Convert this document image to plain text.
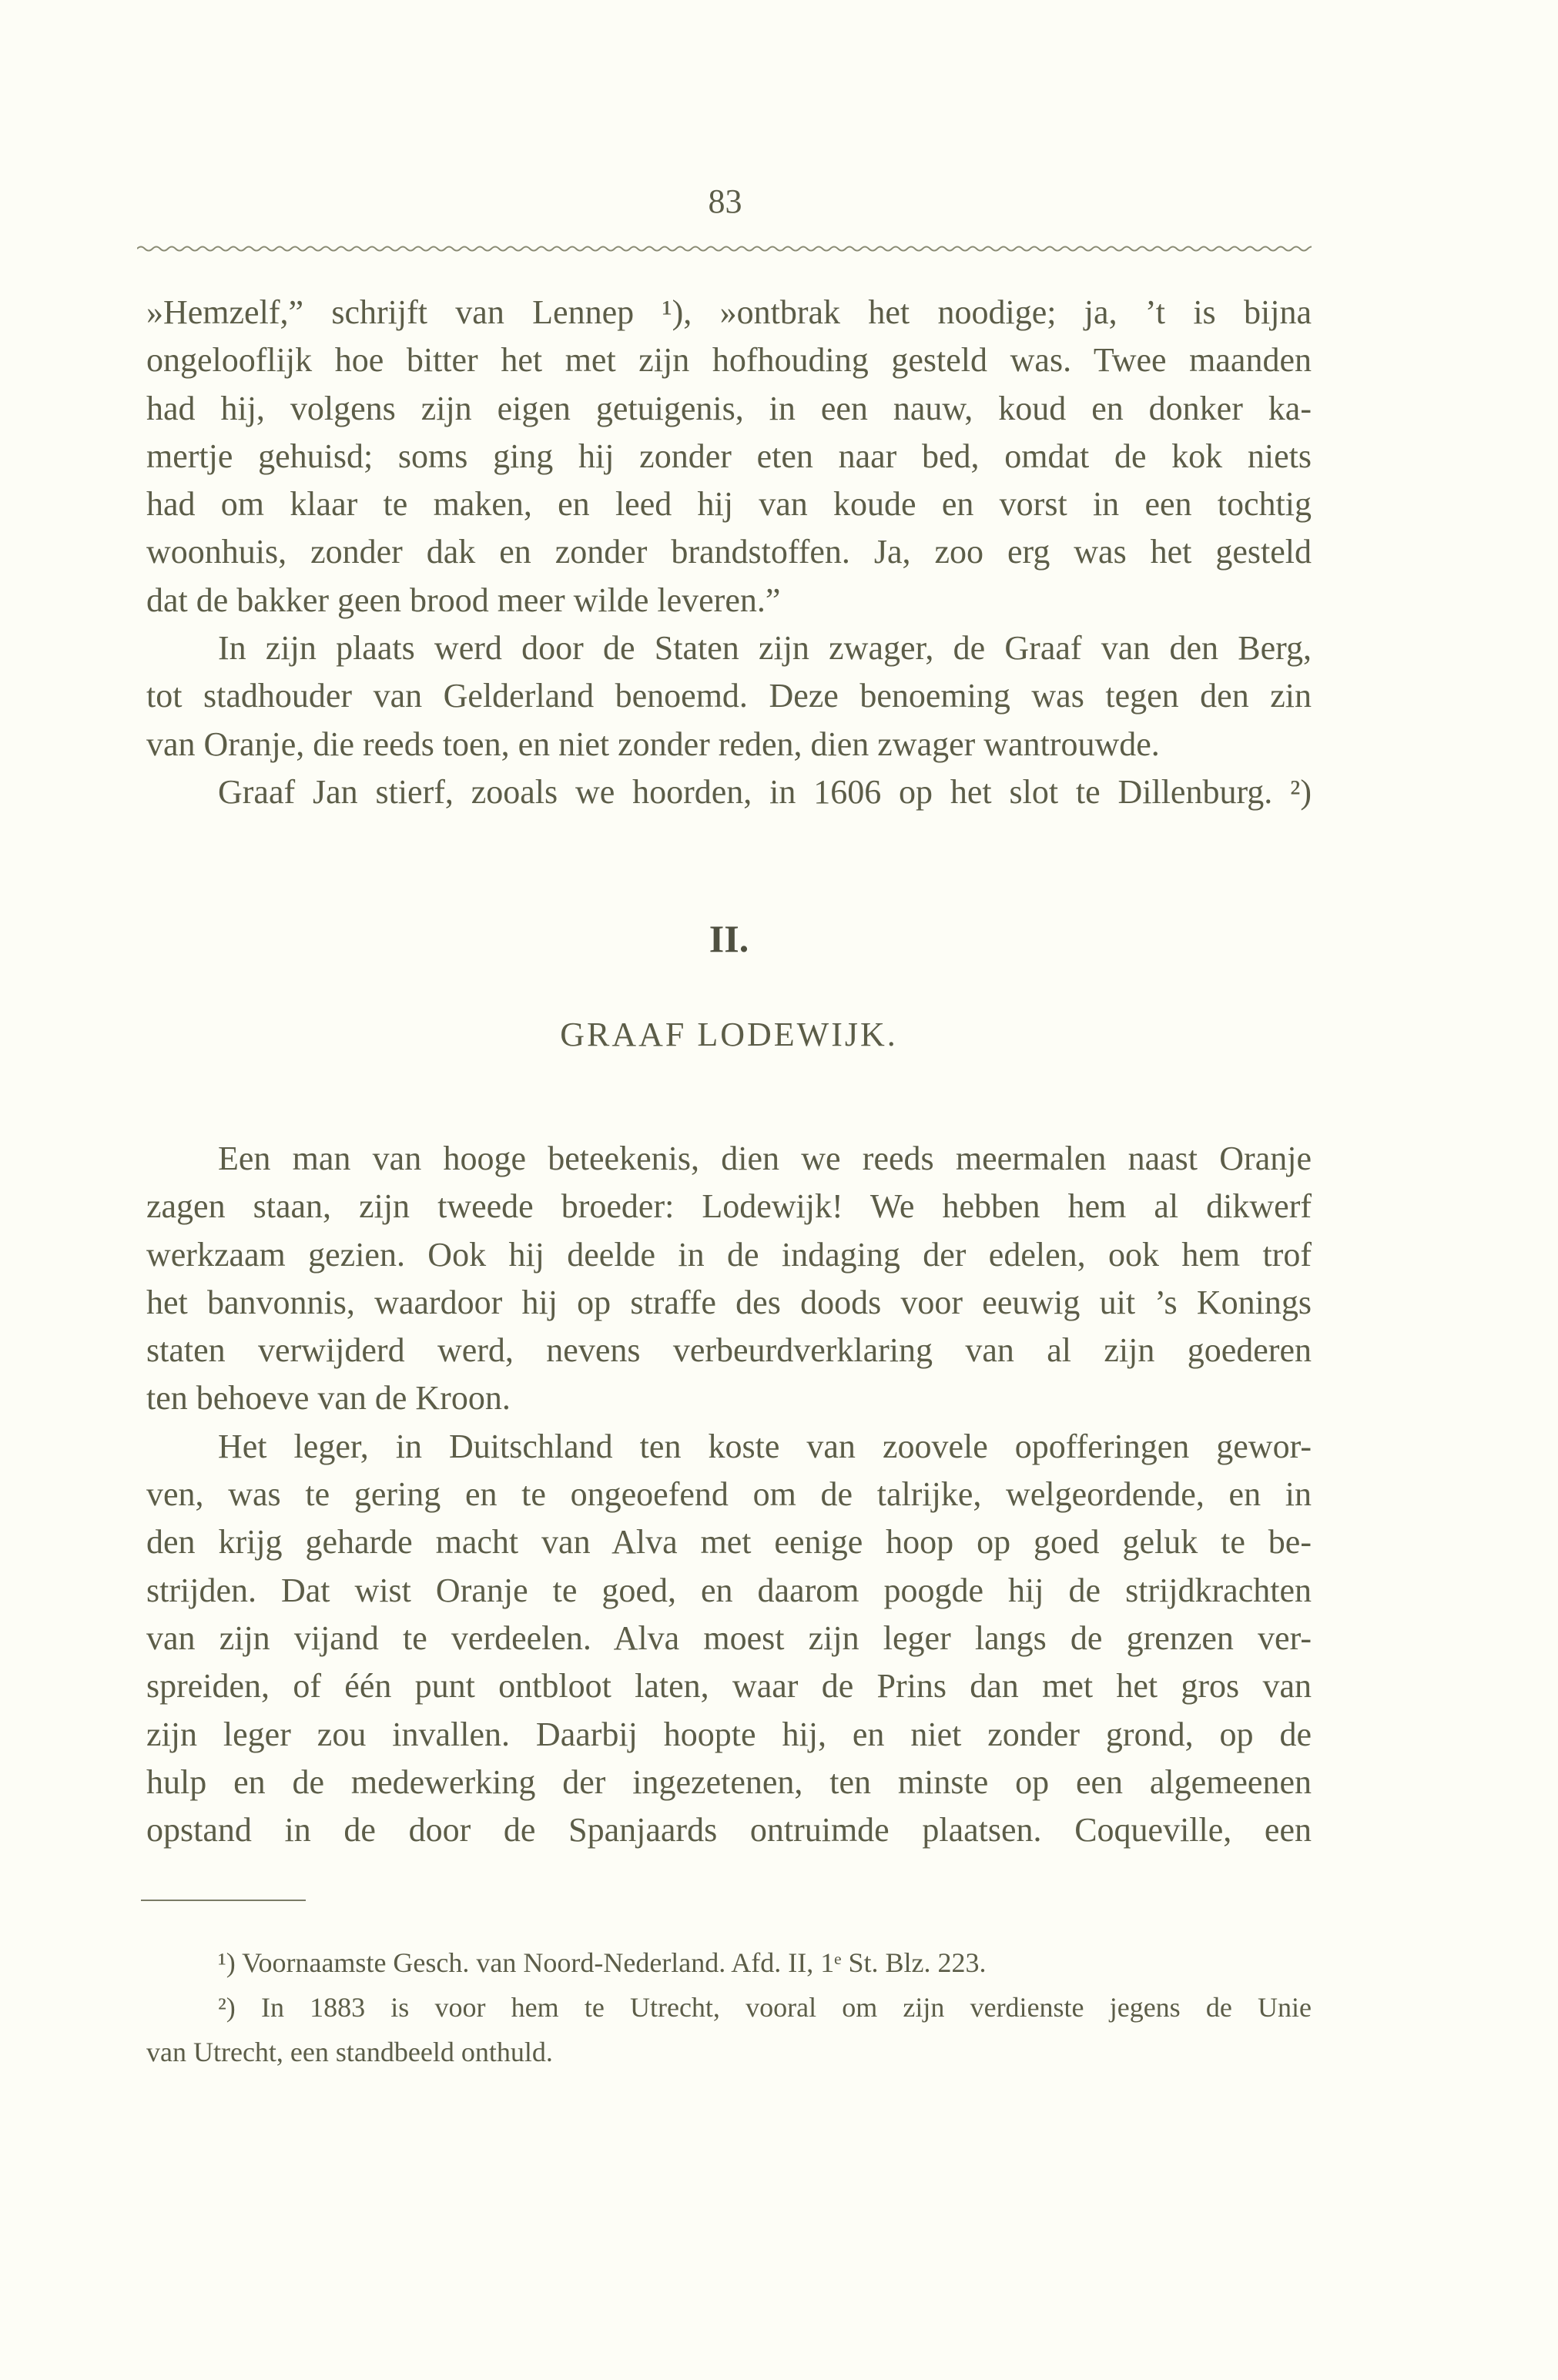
83
»Hemzelf,” schrijft van Lennep ¹), »ontbrak het noodige; ja, ’t is bijna
ongelooflijk hoe bitter het met zijn hofhouding gesteld was. Twee maanden
had hij, volgens zijn eigen getuigenis, in een nauw, koud en donker ka-
mertje gehuisd; soms ging hij zonder eten naar bed, omdat de kok niets
had om klaar te maken, en leed hij van koude en vorst in een tochtig
woonhuis, zonder dak en zonder brandstoffen. Ja, zoo erg was het gesteld
dat de bakker geen brood meer wilde leveren.”
In zijn plaats werd door de Staten zijn zwager, de Graaf van den Berg,
tot stadhouder van Gelderland benoemd. Deze benoeming was tegen den zin
van Oranje, die reeds toen, en niet zonder reden, dien zwager wantrouwde.
Graaf Jan stierf, zooals we hoorden, in 1606 op het slot te Dillenburg. ²)
II.
GRAAF LODEWIJK.
Een man van hooge beteekenis, dien we reeds meermalen naast Oranje
zagen staan, zijn tweede broeder: Lodewijk! We hebben hem al dikwerf
werkzaam gezien. Ook hij deelde in de indaging der edelen, ook hem trof
het banvonnis, waardoor hij op straffe des doods voor eeuwig uit ’s Konings
staten verwijderd werd, nevens verbeurdverklaring van al zijn goederen
ten behoeve van de Kroon.
Het leger, in Duitschland ten koste van zoovele opofferingen gewor-
ven, was te gering en te ongeoefend om de talrijke, welgeordende, en in
den krijg geharde macht van Alva met eenige hoop op goed geluk te be-
strijden. Dat wist Oranje te goed, en daarom poogde hij de strijdkrachten
van zijn vijand te verdeelen. Alva moest zijn leger langs de grenzen ver-
spreiden, of één punt ontbloot laten, waar de Prins dan met het gros van
zijn leger zou invallen. Daarbij hoopte hij, en niet zonder grond, op de
hulp en de medewerking der ingezetenen, ten minste op een algemeenen
opstand in de door de Spanjaards ontruimde plaatsen. Coqueville, een
¹) Voornaamste Gesch. van Noord-Nederland. Afd. II, 1ᵉ St. Blz. 223.
²) In 1883 is voor hem te Utrecht, vooral om zijn verdienste jegens de Unie
van Utrecht, een standbeeld onthuld.
